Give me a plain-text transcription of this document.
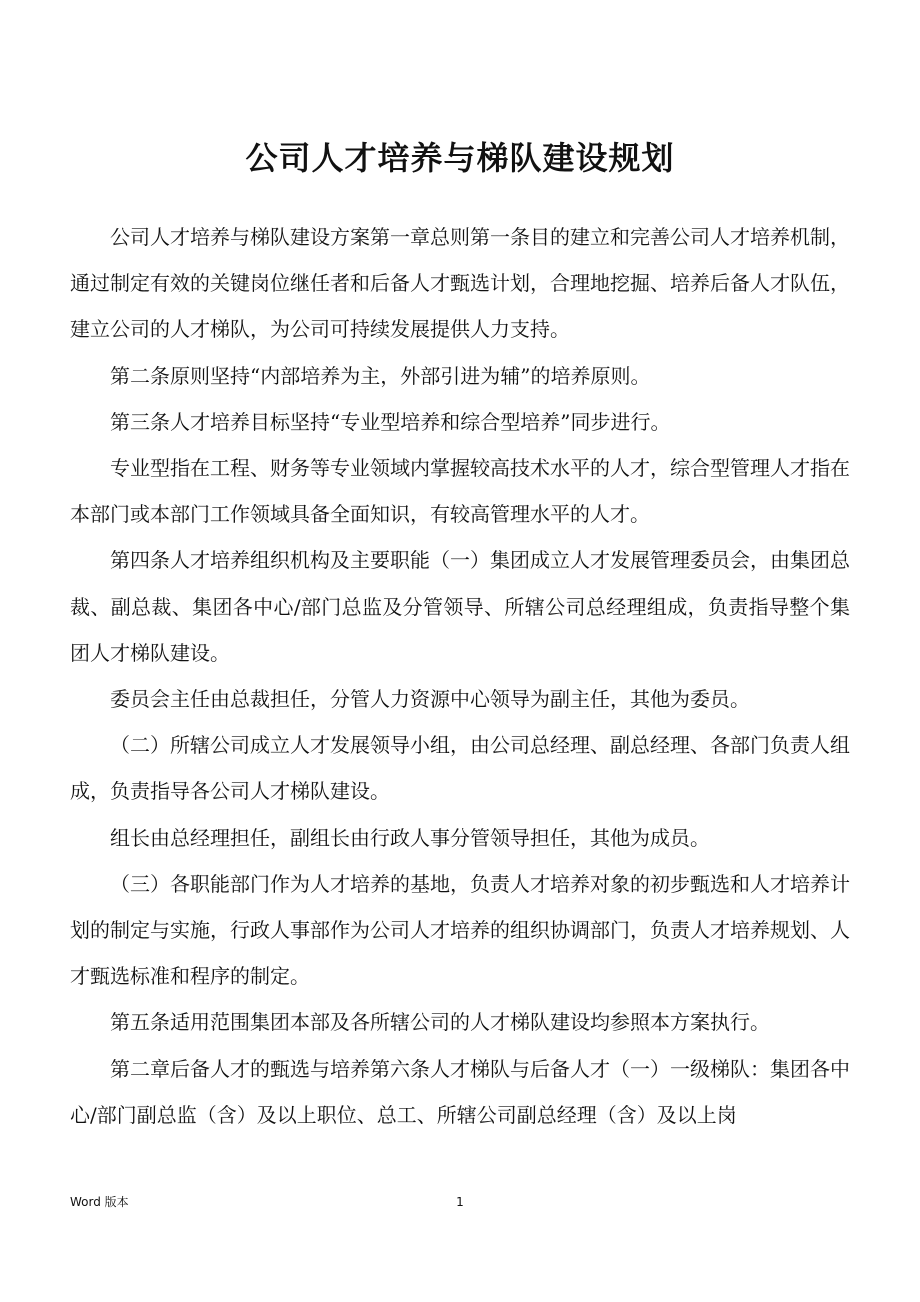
公司人才培养与梯队建设规划

公司人才培养与梯队建设方案第一章总则第一条目的建立和完善公司人才培养机制，通过制定有效的关键岗位继任者和后备人才甄选计划，合理地挖掘、培养后备人才队伍，建立公司的人才梯队，为公司可持续发展提供人力支持。

第二条原则坚持“内部培养为主，外部引进为辅”的培养原则。

第三条人才培养目标坚持“专业型培养和综合型培养”同步进行。

专业型指在工程、财务等专业领域内掌握较高技术水平的人才，综合型管理人才指在本部门或本部门工作领域具备全面知识，有较高管理水平的人才。

第四条人才培养组织机构及主要职能（一）集团成立人才发展管理委员会，由集团总裁、副总裁、集团各中心/部门总监及分管领导、所辖公司总经理组成，负责指导整个集团人才梯队建设。

委员会主任由总裁担任，分管人力资源中心领导为副主任，其他为委员。

（二）所辖公司成立人才发展领导小组，由公司总经理、副总经理、各部门负责人组成，负责指导各公司人才梯队建设。

组长由总经理担任，副组长由行政人事分管领导担任，其他为成员。

（三）各职能部门作为人才培养的基地，负责人才培养对象的初步甄选和人才培养计划的制定与实施，行政人事部作为公司人才培养的组织协调部门，负责人才培养规划、人才甄选标准和程序的制定。

第五条适用范围集团本部及各所辖公司的人才梯队建设均参照本方案执行。

第二章后备人才的甄选与培养第六条人才梯队与后备人才（一）一级梯队：集团各中心/部门副总监（含）及以上职位、总工、所辖公司副总经理（含）及以上岗

Word 版本	1
